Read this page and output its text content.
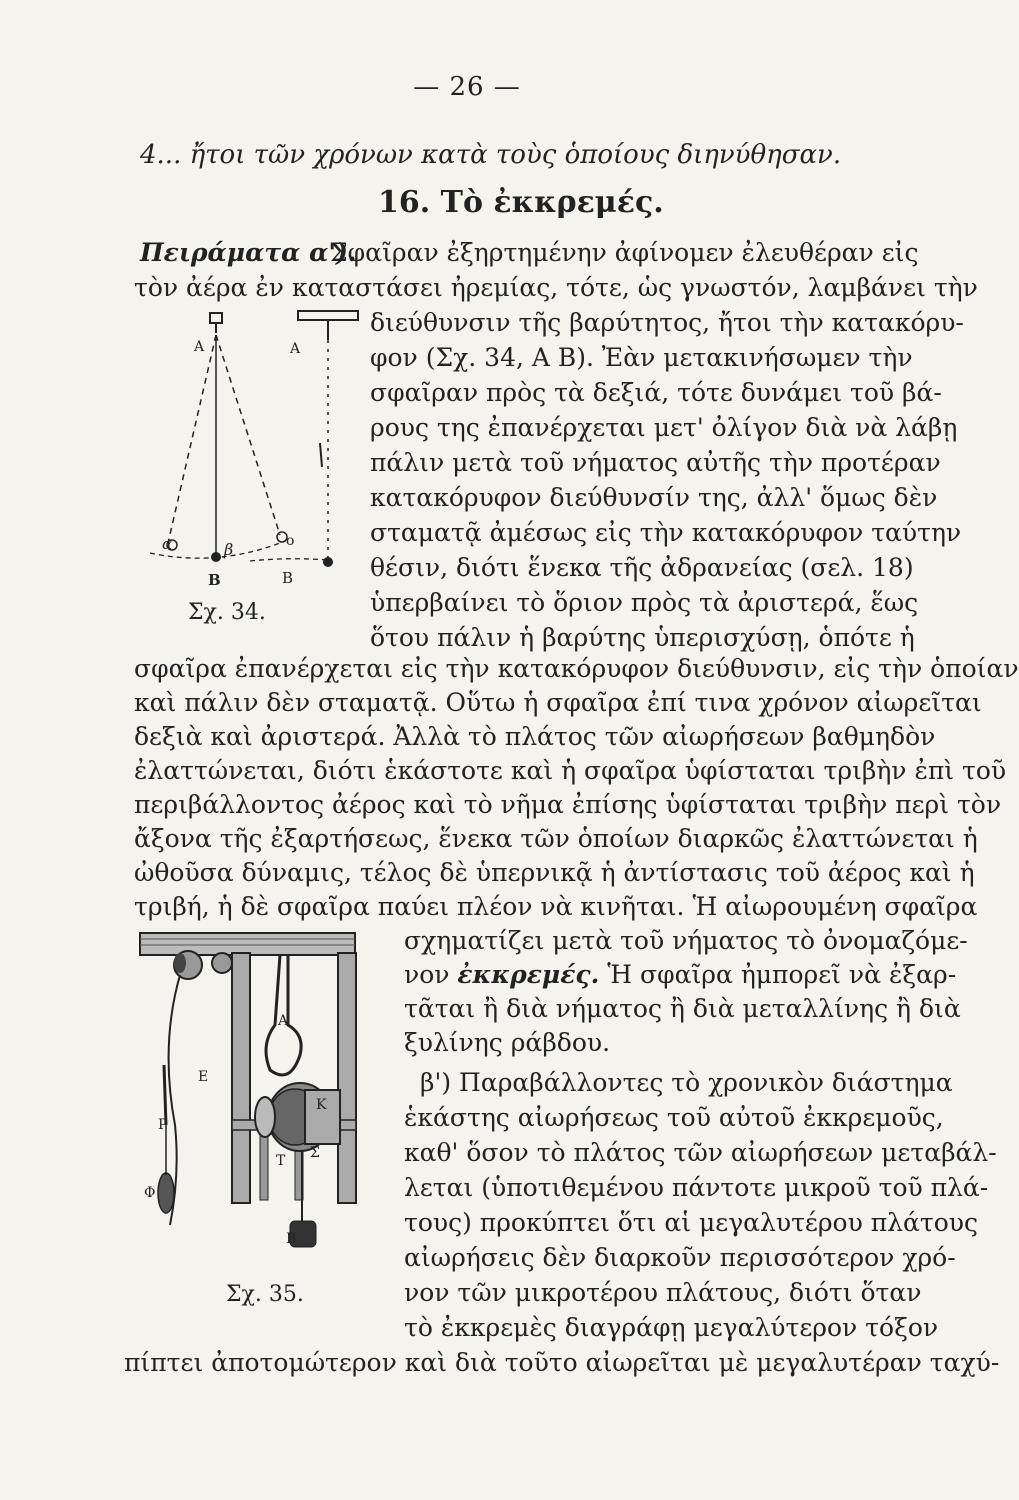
— 26 —
4... ἤτοι τῶν χρόνων κατὰ τοὺς ὁποίους διηνύθησαν.
16. Τὸ ἐκκρεμές.
Πειράματα α').
Σφαῖραν ἐξηρτημένην ἀφίνομεν ἐλευθέραν εἰς
τὸν ἀέρα ἐν καταστάσει ἠρεμίας, τότε, ὡς γνωστόν, λαμβάνει τὴν
διεύθυνσιν τῆς βαρύτητος, ἤτοι τὴν κατακόρυ-
φον (Σχ. 34, Α Β). Ἐὰν μετακινήσωμεν τὴν
σφαῖραν πρὸς τὰ δεξιά, τότε δυνάμει τοῦ βά-
ρους της ἐπανέρχεται μετ' ὀλίγον διὰ νὰ λάβῃ
πάλιν μετὰ τοῦ νήματος αὐτῆς τὴν προτέραν
κατακόρυφον διεύθυνσίν της, ἀλλ' ὅμως δὲν
σταματᾷ ἀμέσως εἰς τὴν κατακόρυφον ταύτην
θέσιν, διότι ἕνεκα τῆς ἀδρανείας (σελ. 18)
ὑπερβαίνει τὸ ὅριον πρὸς τὰ ἀριστερά, ἕως
ὅτου πάλιν ἡ βαρύτης ὑπερισχύσῃ, ὁπότε ἡ
Α	Α
Β	Β
α	β	ο
Σχ. 34.
σφαῖρα ἐπανέρχεται εἰς τὴν κατακόρυφον διεύθυνσιν, εἰς τὴν ὁποίαν
καὶ πάλιν δὲν σταματᾷ. Οὕτω ἡ σφαῖρα ἐπί τινα χρόνον αἰωρεῖται
δεξιὰ καὶ ἀριστερά. Ἀλλὰ τὸ πλάτος τῶν αἰωρήσεων βαθμηδὸν
ἐλαττώνεται, διότι ἑκάστοτε καὶ ἡ σφαῖρα ὑφίσταται τριβὴν ἐπὶ τοῦ
περιβάλλοντος ἀέρος καὶ τὸ νῆμα ἐπίσης ὑφίσταται τριβὴν περὶ τὸν
ἄξονα τῆς ἐξαρτήσεως, ἕνεκα τῶν ὁποίων διαρκῶς ἐλαττώνεται ἡ
ὠθοῦσα δύναμις, τέλος δὲ ὑπερνικᾷ ἡ ἀντίστασις τοῦ ἀέρος καὶ ἡ
τριβή, ἡ δὲ σφαῖρα παύει πλέον νὰ κινῆται. Ἡ αἰωρουμένη σφαῖρα
σχηματίζει μετὰ τοῦ νήματος τὸ ὀνομαζόμε-
νον ἐκκρεμές. Ἡ σφαῖρα ἠμπορεῖ νὰ ἐξαρ-
τᾶται ἢ διὰ νήματος ἢ διὰ μεταλλίνης ἢ διὰ
ξυλίνης ράβδου.
β') Παραβάλλοντες τὸ χρονικὸν διάστημα
ἑκάστης αἰωρήσεως τοῦ αὐτοῦ ἐκκρεμοῦς,
καθ' ὅσον τὸ πλάτος τῶν αἰωρήσεων μεταβάλ-
λεται (ὑποτιθεμένου πάντοτε μικροῦ τοῦ πλά-
τους) προκύπτει ὅτι αἱ μεγαλυτέρου πλάτους
αἰωρήσεις δὲν διαρκοῦν περισσότερον χρό-
νον τῶν μικροτέρου πλάτους, διότι ὅταν
τὸ ἐκκρεμὲς διαγράφῃ μεγαλύτερον τόξον
πίπτει ἀποτομώτερον καὶ διὰ τοῦτο αἰωρεῖται μὲ μεγαλυτέραν ταχύ-
Α
Ε
Ρ
Κ
Τ Σ
Φ
Β
Σχ. 35.
